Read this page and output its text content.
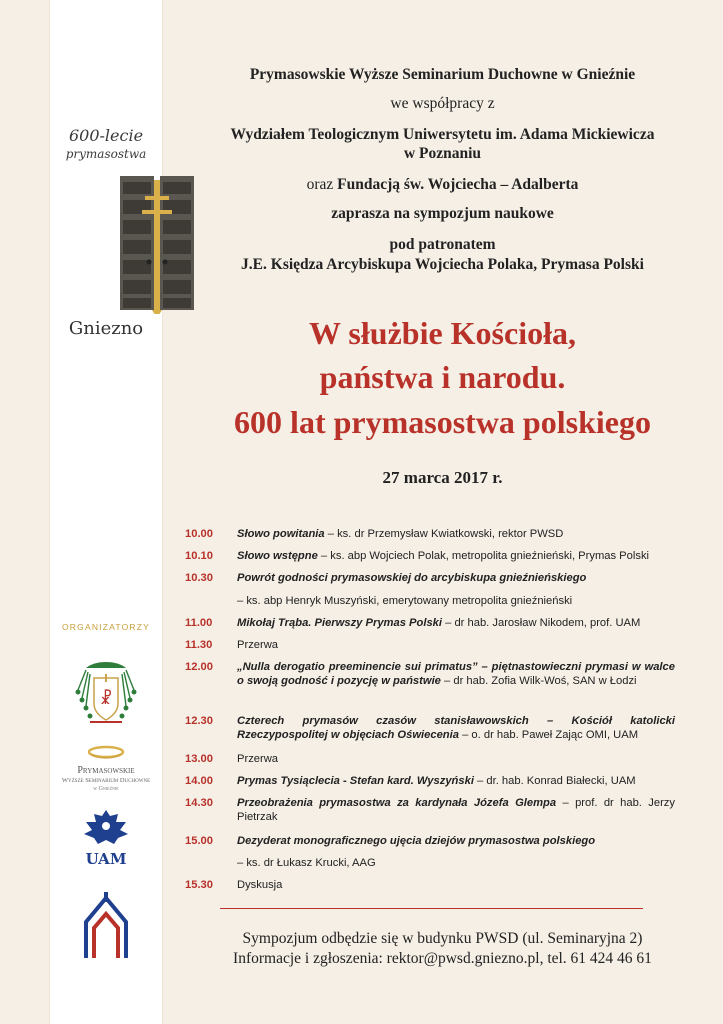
600-lecie
prymasostwa
Gniezno
ORGANIZATORZY
☧
Prymasowskie
Wyższe Seminarium Duchowne
w Gnieźnie
UAM
Prymasowskie Wyższe Seminarium Duchowne w Gnieźnie
we współpracy z
Wydziałem Teologicznym Uniwersytetu im. Adama Mickiewicza
w Poznaniu
oraz Fundacją św. Wojciecha – Adalberta
zaprasza na sympozjum naukowe
pod patronatem
J.E. Księdza Arcybiskupa Wojciecha Polaka, Prymasa Polski
W służbie Kościoła,
państwa i narodu.
600 lat prymasostwa polskiego
27 marca 2017 r.
10.00 Słowo powitania – ks. dr Przemysław Kwiatkowski, rektor PWSD
10.10 Słowo wstępne – ks. abp Wojciech Polak, metropolita gnieźnieński, Prymas Polski
10.30 Powrót godności prymasowskiej do arcybiskupa gnieźnieńskiego
– ks. abp Henryk Muszyński, emerytowany metropolita gnieźnieński
11.00 Mikołaj Trąba. Pierwszy Prymas Polski – dr hab. Jarosław Nikodem, prof. UAM
11.30 Przerwa
12.00 „Nulla derogatio preeminencie sui primatus” – piętnastowieczni prymasi w walce o swoją godność i pozycję w państwie – dr hab. Zofia Wilk-Woś, SAN w Łodzi
12.30 Czterech prymasów czasów stanisławowskich – Kościół katolicki Rzeczypospolitej w objęciach Oświecenia – o. dr hab. Paweł Zając OMI, UAM
13.00 Przerwa
14.00 Prymas Tysiąclecia - Stefan kard. Wyszyński – dr. hab. Konrad Białecki, UAM
14.30 Przeobrażenia prymasostwa za kardynała Józefa Glempa – prof. dr hab. Jerzy Pietrzak
15.00 Dezyderat monograficznego ujęcia dziejów prymasostwa polskiego
– ks. dr Łukasz Krucki, AAG
15.30 Dyskusja
Sympozjum odbędzie się w budynku PWSD (ul. Seminaryjna 2)
Informacje i zgłoszenia: rektor@pwsd.gniezno.pl, tel. 61 424 46 61
